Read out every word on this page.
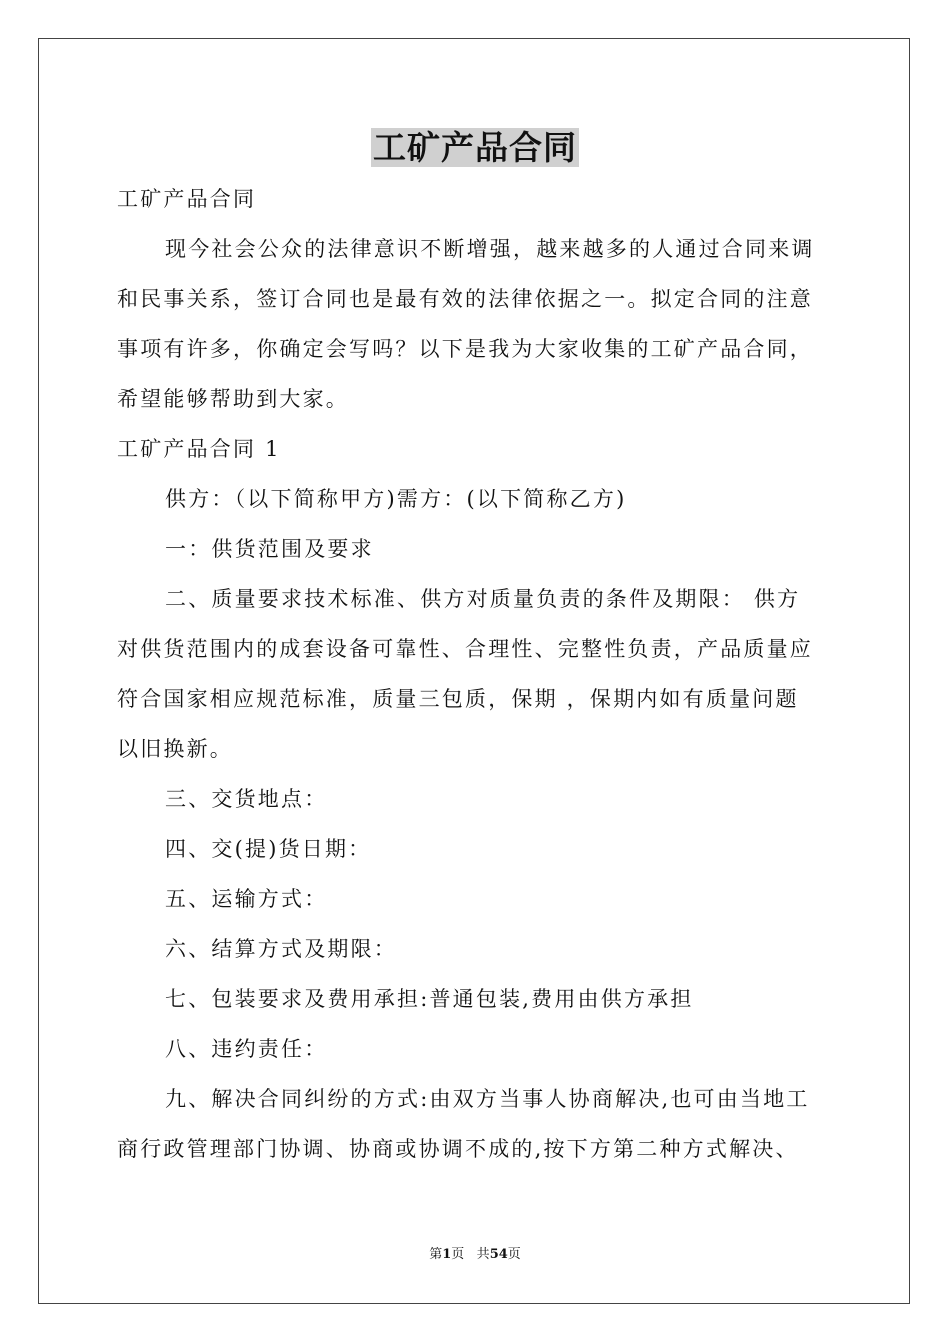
工矿产品合同

工矿产品合同

现今社会公众的法律意识不断增强，越来越多的人通过合同来调

和民事关系，签订合同也是最有效的法律依据之一。拟定合同的注意

事项有许多，你确定会写吗？以下是我为大家收集的工矿产品合同，

希望能够帮助到大家。

工矿产品合同 1

供方：（以下简称甲方)需方：(以下简称乙方)

一：供货范围及要求

二、质量要求技术标准、供方对质量负责的条件及期限： 供方

对供货范围内的成套设备可靠性、合理性、完整性负责，产品质量应

符合国家相应规范标准，质量三包质，保期 ，保期内如有质量问题

以旧换新。

三、交货地点：

四、交(提)货日期：

五、运输方式：

六、结算方式及期限：

七、包装要求及费用承担:普通包装,费用由供方承担

八、违约责任：

九、解决合同纠纷的方式:由双方当事人协商解决,也可由当地工

商行政管理部门协调、协商或协调不成的,按下方第二种方式解决、

第1页 共54页
